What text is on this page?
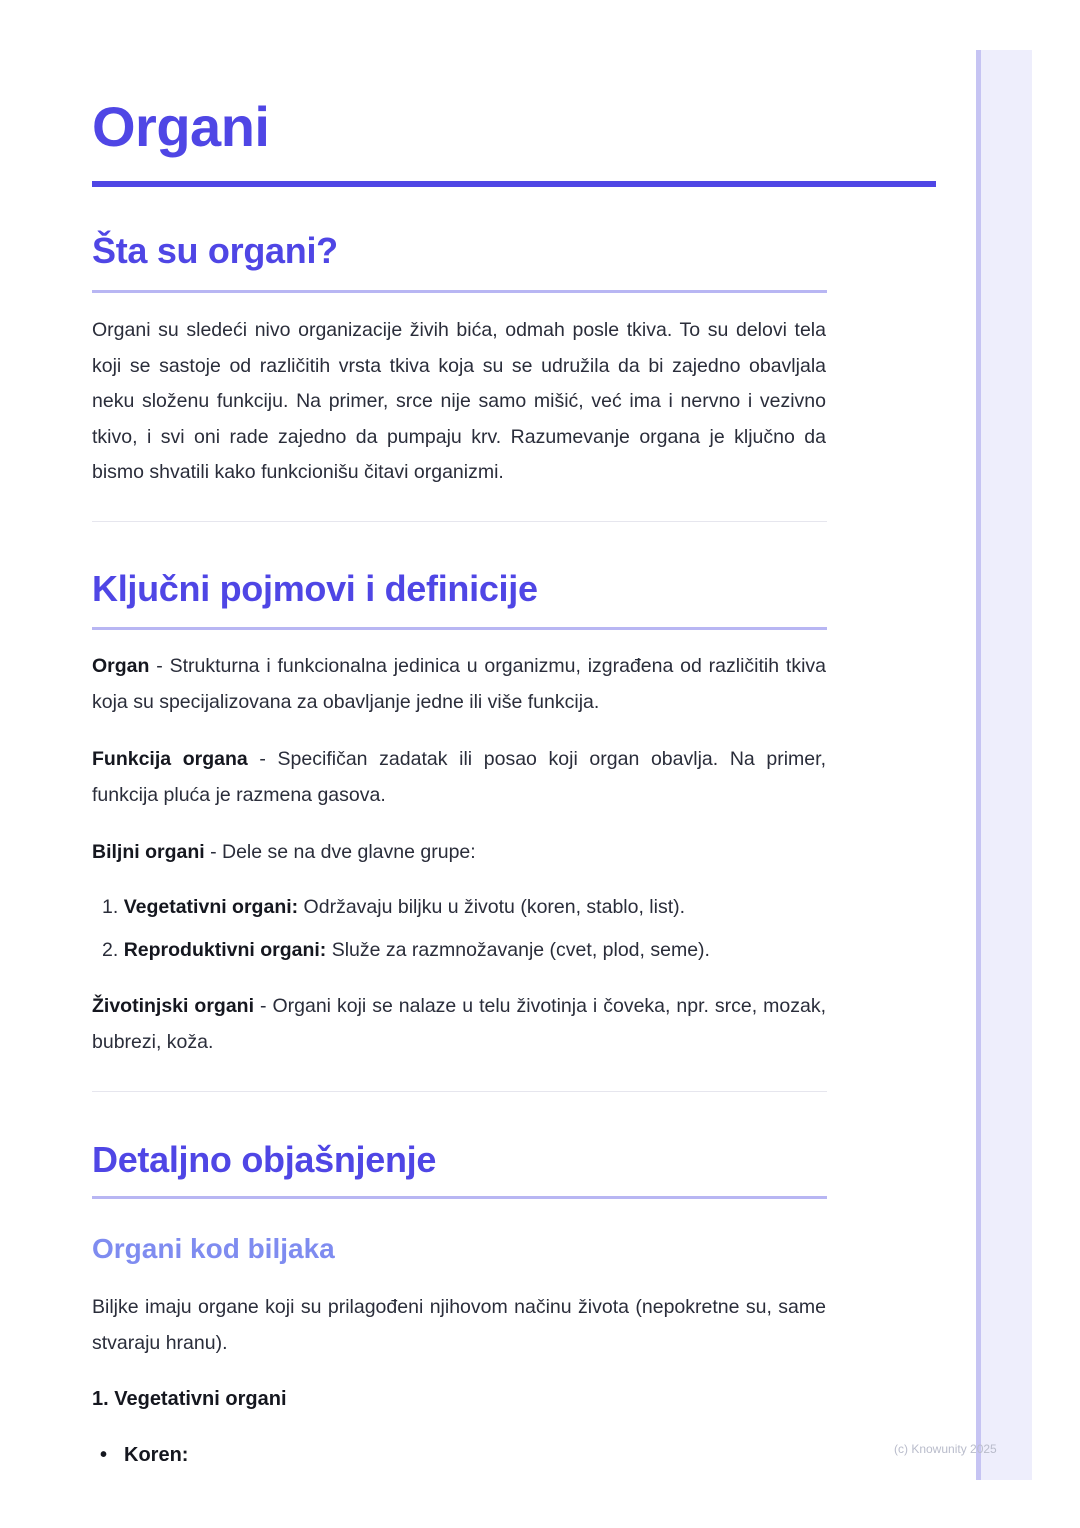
Organi
Šta su organi?

Organi su sledeći nivo organizacije živih bića, odmah posle tkiva. To su delovi tela koji se sastoje od različitih vrsta tkiva koja su se udružila da bi zajedno obavljala neku složenu funkciju. Na primer, srce nije samo mišić, već ima i nervno i vezivno tkivo, i svi oni rade zajedno da pumpaju krv. Razumevanje organa je ključno da bismo shvatili kako funkcionišu čitavi organizmi.

Ključni pojmovi i definicije

Organ - Strukturna i funkcionalna jedinica u organizmu, izgrađena od različitih tkiva koja su specijalizovana za obavljanje jedne ili više funkcija.

Funkcija organa - Specifičan zadatak ili posao koji organ obavlja. Na primer, funkcija pluća je razmena gasova.

Biljni organi - Dele se na dve glavne grupe:

1. Vegetativni organi: Održavaju biljku u životu (koren, stablo, list).
2. Reproduktivni organi: Služe za razmnožavanje (cvet, plod, seme).

Životinjski organi - Organi koji se nalaze u telu životinja i čoveka, npr. srce, mozak, bubrezi, koža.

Detaljno objašnjenje
Organi kod biljaka

Biljke imaju organe koji su prilagođeni njihovom načinu života (nepokretne su, same stvaraju hranu).

1. Vegetativni organi

• Koren:	(c) Knowunity 2025
